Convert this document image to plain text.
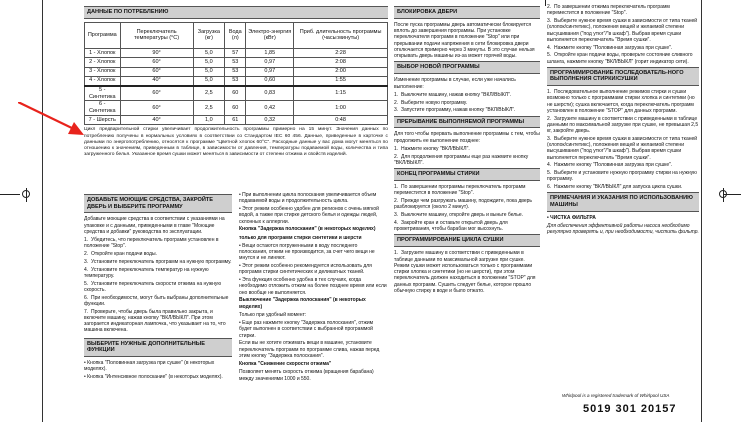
ДАННЫЕ ПО ПОТРЕБЛЕНИЮ
Программа	Переключатель температуры (°C)	Загрузка (кг)	Вода (л)	Электро-энергия (кВт)	Приб. длительность программы (часы:минуты)
1 - Хлопок	90°	5,0	57	1,85	2:28
2 - Хлопок	60°	5,0	53	0,97	2:08
3 - Хлопок	60°	5,0	53	0,97	2:00
4 - Хлопок	40°	5,0	53	0,60	1:55
5 - Синтетика	60°	2,5	60	0,83	1:15
6 - Синтетика	60°	2,5	60	0,42	1:00
7 - Шерсть	40°	1,0	61	0,32	0:48

Цикл предварительной стирки увеличивает продолжительность программы примерно на 15 минут. Значения данных по потреблению получены в нормальных условиях в соответствии со Стандартом IEC 60 456. Данные, приведенные в карточке с данными по энергопотреблению, относятся к программе "Цветной хлопок 60°C". Расходные данные у вас дома могут меняться по отношению к значениям, приведенным в таблице, в зависимости от давления, температуры подаваемой воды, количества и типа загруженного белья. Указанное время сушки может меняться в зависимости от степени отжима и свойств изделий.

ДОБАВЬТЕ МОЮЩИЕ СРЕДСТВА, ЗАКРОЙТЕ ДВЕРЬ И ВЫБЕРИТЕ ПРОГРАММУ

Добавьте моющие средства в соответствии с указаниями на упаковке и с данными, приведенными в главе "Моющие средства и добавки" руководства по эксплуатации.

1. Убедитесь, что переключатель программ установлен в положение "Stop".
2. Откройте кран подачи воды.
3. Установите переключатель программ на нужную программу.
4. Установите переключатель температур на нужную температуру.
5. Установите переключатель скорости отжима на нужную скорость.
6. При необходимости, могут быть выбраны дополнительные функции.
7. Проверьте, чтобы дверь была правильно закрыта, и включите машину, нажав кнопку "ВКЛ/ВЫКЛ". При этом загорается индикаторная лампочка, что указывает на то, что машина включена.
ВЫБЕРИТЕ НУЖНЫЕ ДОПОЛНИТЕЛЬНЫЕ ФУНКЦИИ
• Кнопка "Половинная загрузка при сушке" (в некоторых моделях).
• Кнопка "Интенсивное полоскание" (в некоторых моделях).
• При выполнении цикла полоскания увеличивается объем подаваемой воды и продолжительность цикла.
• Этот режим особенно удобен для регионов с очень мягкой водой, а также при стирке детского белья и одежды людей, склонных к аллергии.

Кнопка "Задержка полоскания" (в некоторых моделях)

только для программ стирки синтетики и шерсти

• Вещи остаются погруженными в воду последнего полоскания, отжим не производится, за счет чего вещи не мнутся и не линяют.
• Этот режим особенно рекомендуется использовать для программ стирки синтетических и деликатных тканей.
• Эта функция особенно удобна в тех случаях, когда необходимо отложить отжим на более позднее время или если оно вообще не выполняется.

Выключение "Задержка полоскания" (в некоторых моделях)

Только при удобный момент:

• Еще раз нажмите кнопку "Задержка полоскания", отжим будет выполнен в соответствии с выбранной программой стирки.

Если вы не хотите отжимать вещи в машине, установите переключатель программ по программе слива, нажав перед этим кнопку "Задержка полоскания".

Кнопка "Снижение скорости отжима"

Позволяет менять скорость отжима (вращения барабана) между значениями 1000 и 550.

БЛОКИРОВКА ДВЕРИ

После пуска программы дверь автоматически блокируется вплоть до завершения программы. При установке переключателя программ в положение "Stop" или при прерывании подачи напряжения в сети блокировка двери отключается примерно через 3 минуты. В это случае нельзя открывать дверь машины из-за может горячей воды.

ВЫБОР НОВОЙ ПРОГРАММЫ

Изменение программы в случае, если уже начались выполнение:

1. Выключите машину, нажав кнопку "ВКЛ/ВЫКЛ".
2. Выберите новую программу.
3. Запустите программу, нажав кнопку "ВКЛ/ВЫКЛ".
ПРЕРЫВАНИЕ ВЫПОЛНЯЕМОЙ ПРОГРАММЫ

Для того чтобы прервать выполнение программы с тем, чтобы продолжить ее выполнение позднее:

1. Нажмите кнопку "ВКЛ/ВЫКЛ".
2. Для продолжения программы еще раз нажмите кнопку "ВКЛ/ВЫКЛ".
КОНЕЦ ПРОГРАММЫ СТИРКИ
1. По завершении программы переключатель программ переместится в положение "Stop".
2. Прежде чем разгружать машину, подождите, пока дверь разблокируется (около 2 минут).
3. Выключите машину, откройте дверь и выньте белье.
4. Закройте кран и оставьте открытой дверь для проветривания, чтобы барабан мог высохнуть.
ПРОГРАММИРОВАНИЕ ЦИКЛА СУШКИ
1. Загрузите машину в соответствии с приведенными в таблице данными по максимальной загрузке при сушке. Режим сушки может использоваться только с программами стирки хлопка и синтетики (но не шерсти), при этом переключатель должен находиться в положении "STOP" для данных программ. Сушить следует белье, которое прошло обычную стирку в воде и было отжато.
2. По завершении отжима переключатель программ переместится в положение "Stop".
3. Выберите нужное время сушки в зависимости от типа тканей (хлопок/синтетикс), положения вещей и желаемой степени высушивания ("под утюг"/"в шкаф"). Выбрав время сушки выполняется переключатель "Время сушки".
4. Нажмите кнопку "Половинная загрузка при сушке".
5. Откройте кран подачи воды, проверьте состояние сливного шланга, нажмите кнопку "ВКЛ/ВЫКЛ" (горит индикатор сети).
ПРОГРАММИРОВАНИЕ ПОСЛЕДОВАТЕЛЬ-НОГО ВЫПОЛНЕНИЯ СТИРКИ/СУШКИ
1. Последовательное выполнение режимов стирки и сушки возможно только с программами стирки хлопка и синтетики (но не шерсти); сушка включается, когда переключатель программ установлен в положение "STOP" для данных программ.
2. Загрузите машину в соответствии с приведенными в таблице данными по максимальной загрузке при сушке, не превышая 2,5 кг, закройте дверь.
3. Выберите нужное время сушки в зависимости от типа тканей (хлопок/синтетикс), положения вещей и желаемой степени высушивания ("под утюг"/"в шкаф"). Выбрав время сушки выполняется переключатель "Время сушки".
4. Нажмите кнопку "Половинная загрузка при сушке".
5. Выберите и установите нужную программу стирки на нужную программу.
6. Нажмите кнопку "ВКЛ/ВЫКЛ" для запуска цикла сушки.
ПРИМЕЧАНИЯ И УКАЗАНИЯ ПО ИСПОЛЬЗОВАНИЮ МАШИНЫ

• ЧИСТКА ФИЛЬТРА

Для обеспечения эффективной работы насоса необходимо регулярно проверять и, при необходимости, чистить фильтр.

Whirlpool is a registered trademark of Whirlpool USA
5019 301 20157
